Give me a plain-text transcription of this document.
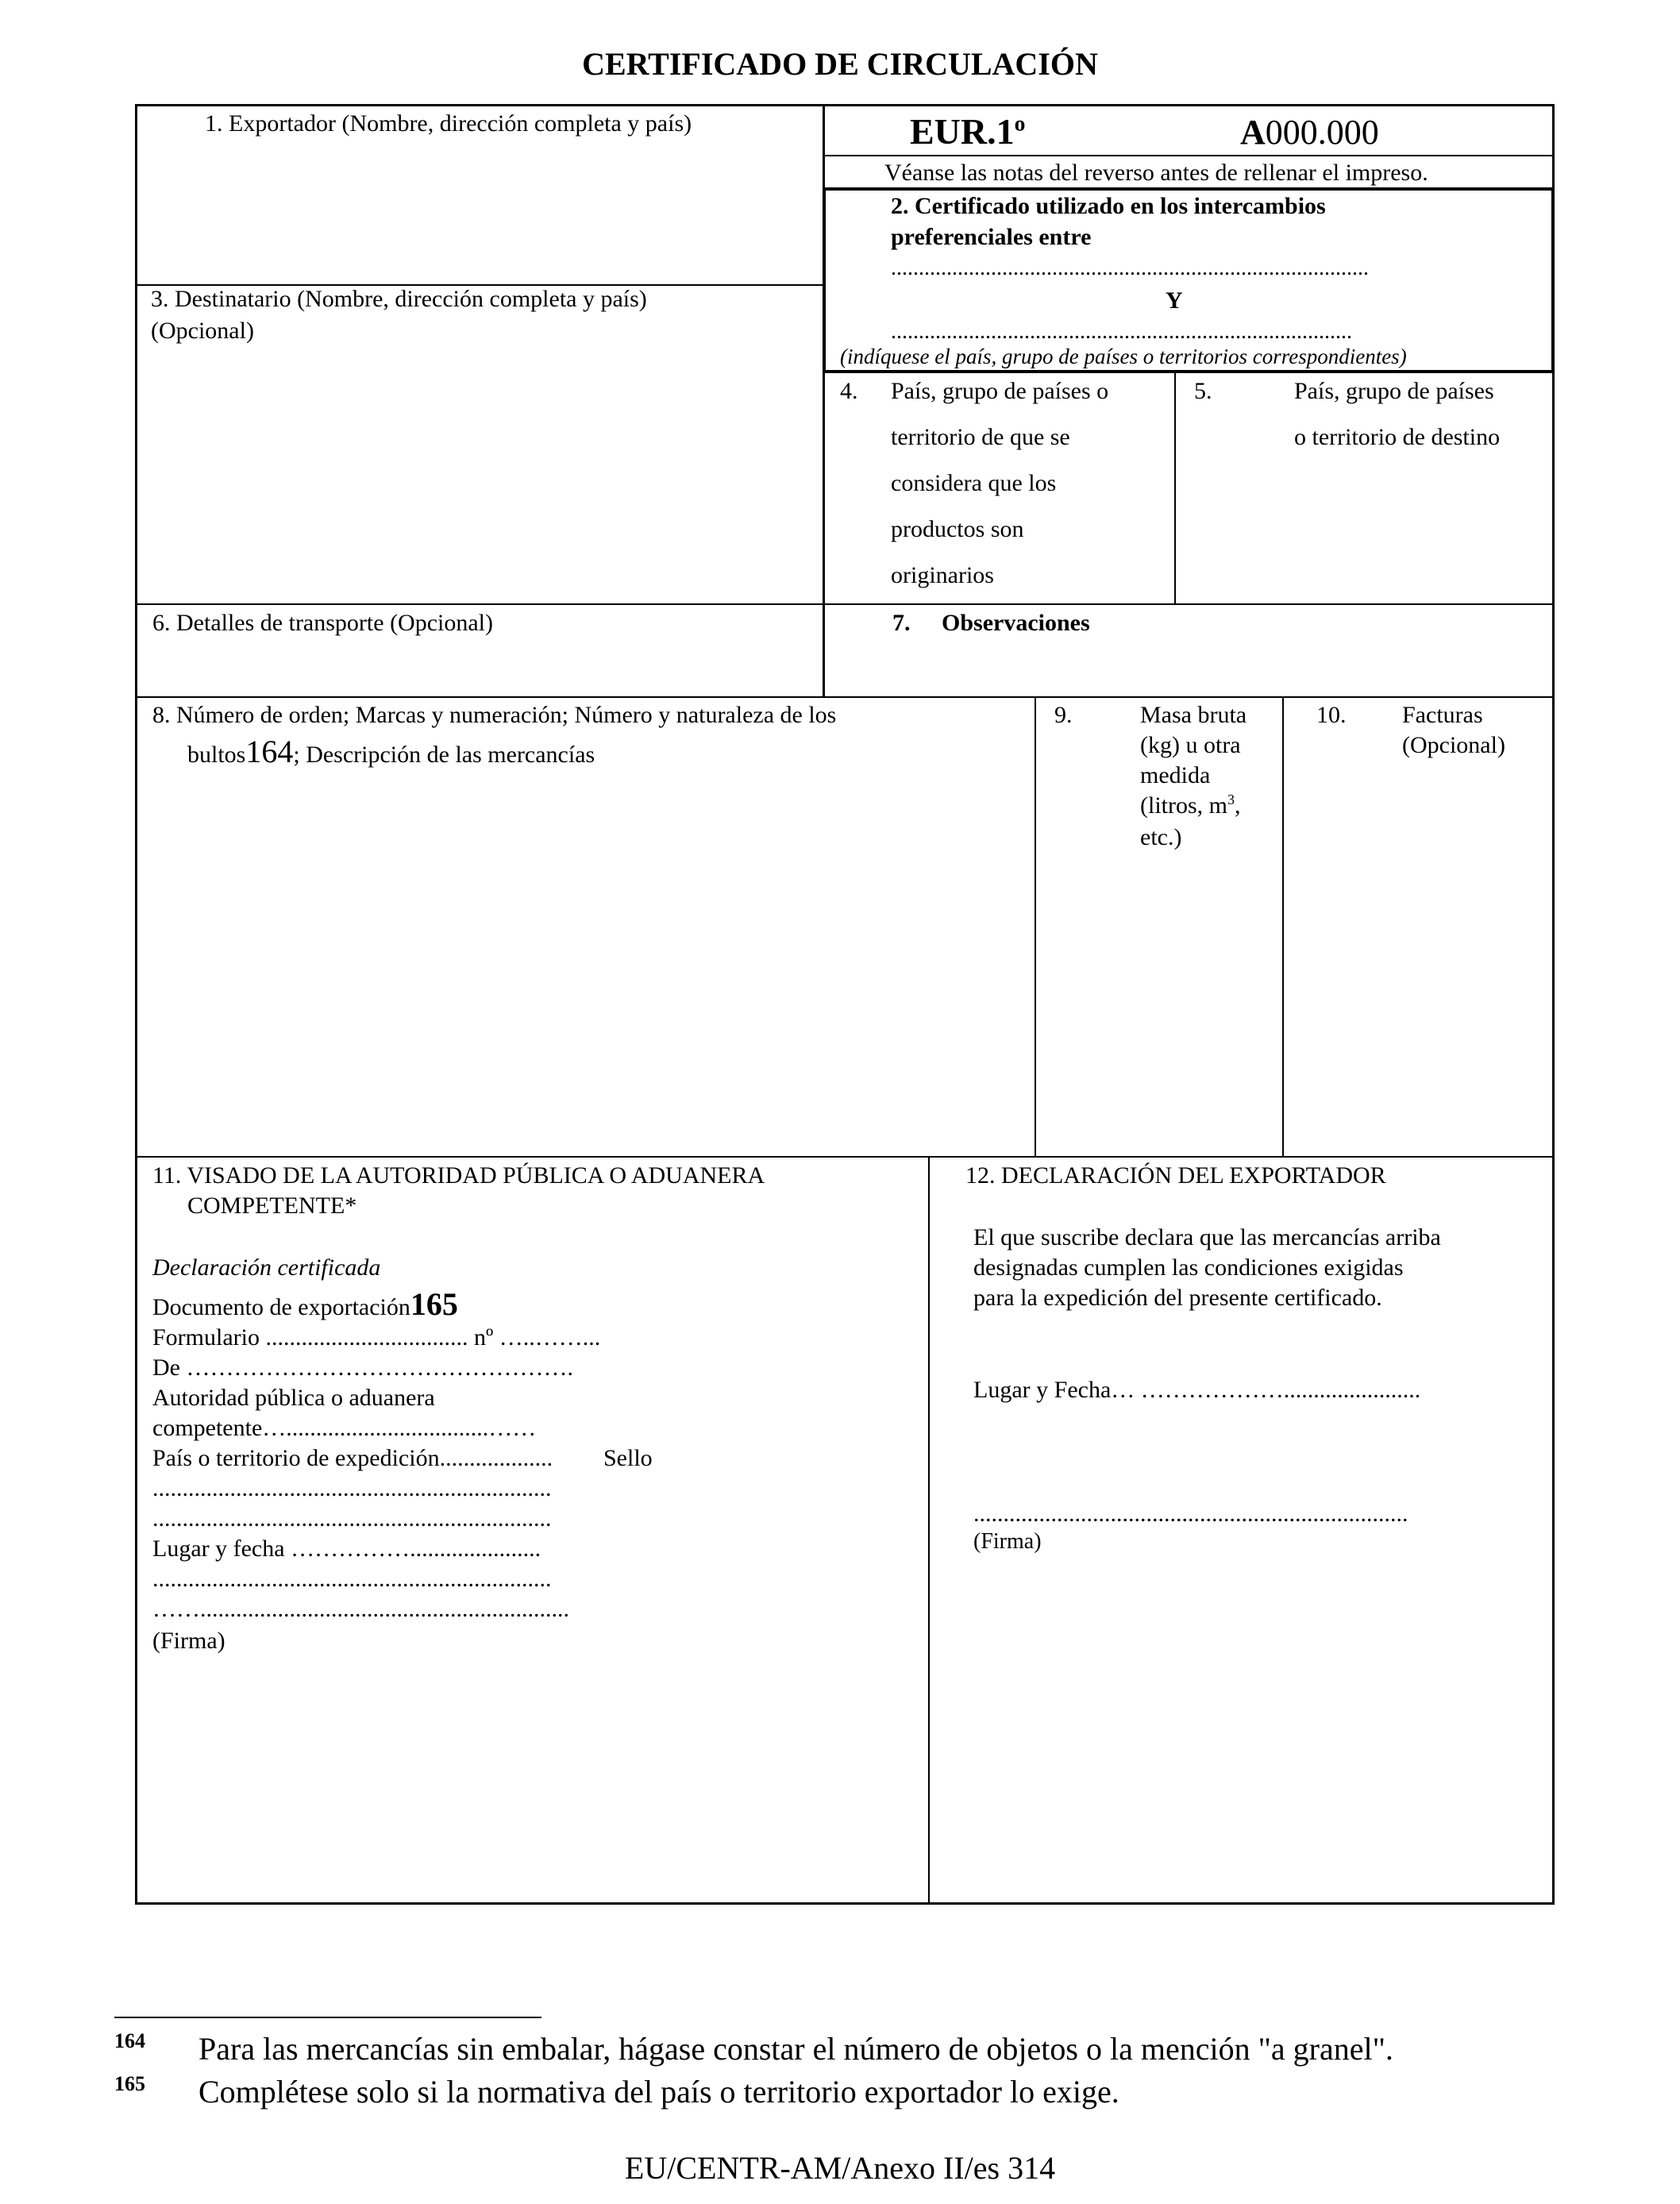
CERTIFICADO DE CIRCULACIÓN
1. Exportador (Nombre, dirección completa y país)	EUR.1$^o$	A000.000
Véanse las notas del reverso antes de rellenar el impreso.
2. Certificado utilizado en los intercambios
preferenciales entre
......................................................................................
Y
...................................................................................
(indíquese el país, grupo de países o territorios correspondientes)
3. Destinatario (Nombre, dirección completa y país)
(Opcional)
4. País, grupo de países o
territorio de que se
considera que los
productos son
originarios
5.	País, grupo de países
o territorio de destino
6. Detalles de transporte (Opcional)	7. Observaciones
8. Número de orden; Marcas y numeración; Número y naturaleza de los
bultos164; Descripción de las mercancías
9.	Masa bruta
(kg) u otra
medida
(litros, $m^3$,
etc.)
10. Facturas
(Opcional)
11. VISADO DE LA AUTORIDAD PÚBLICA O ADUANERA
COMPETENTE*
Declaración certificada
Documento de exportación165
Formulario .................................. nº …..……...
De ………………………………………….
Autoridad pública o aduanera
competente…..................................……
País o territorio de expedición................... Sello
...................................................................
...................................................................
Lugar y fecha ……………......................
...................................................................
……..............................................................
(Firma)
12. DECLARACIÓN DEL EXPORTADOR
El que suscribe declara que las mercancías arriba
designadas cumplen las condiciones exigidas
para la expedición del presente certificado.
Lugar y Fecha… ……………….......................
.........................................................................
(Firma)
164 Para las mercancías sin embalar, hágase constar el número de objetos o la mención "a granel".
165 Complétese solo si la normativa del país o territorio exportador lo exige.
EU/CENTR-AM/Anexo II/es 314
